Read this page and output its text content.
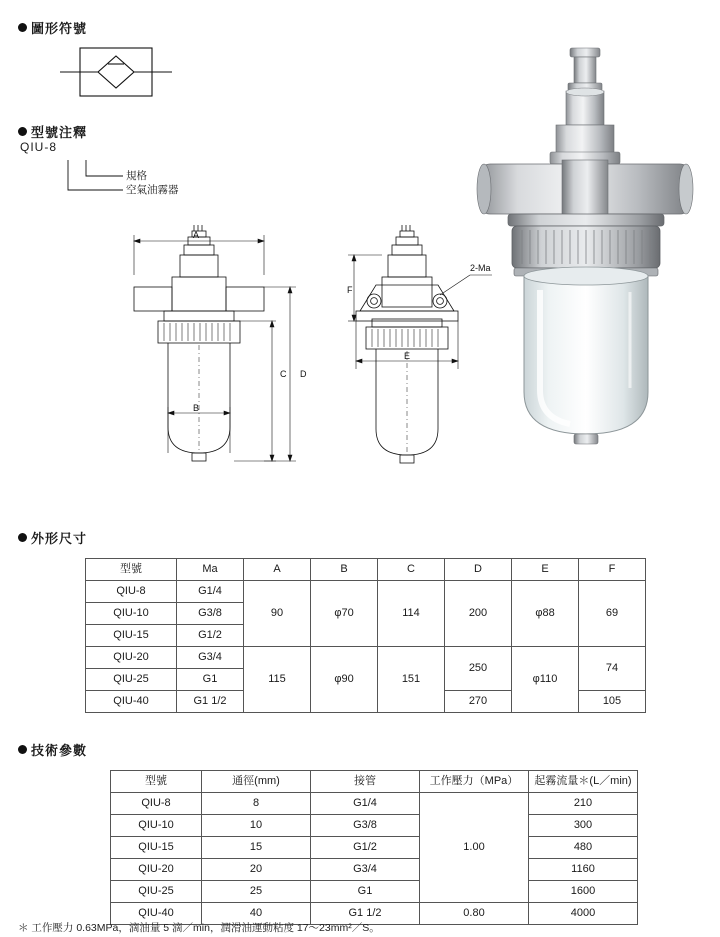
圖形符號
型號注釋
QIU-8
規格
空氣油霧器
A
B
D
C
F
E
2-Ma
外形尺寸
型號	Ma	A	B	C	D	E	F
QIU-8	G1/4	90	φ70	114	200	φ88	69
QIU-10	G3/8						
QIU-15	G1/2						
QIU-20	G3/4	115	φ90	151	250	φ110	74
QIU-25	G1						
QIU-40	G1 1/2				270		105
技術參數
型號	通徑(mm)	接管	工作壓力（MPa）	起霧流量＊(L／min)
QIU-8	8	G1/4	1.00	210
QIU-10	10	G3/8		300
QIU-15	15	G1/2		480
QIU-20	20	G3/4		1160
QIU-25	25	G1		1600
QIU-40	40	G1 1/2	0.80	4000
＊ 工作壓力 0.63MPa，滴油量 5 滴／min，潤滑油運動粘度 17～23mm²／S。
